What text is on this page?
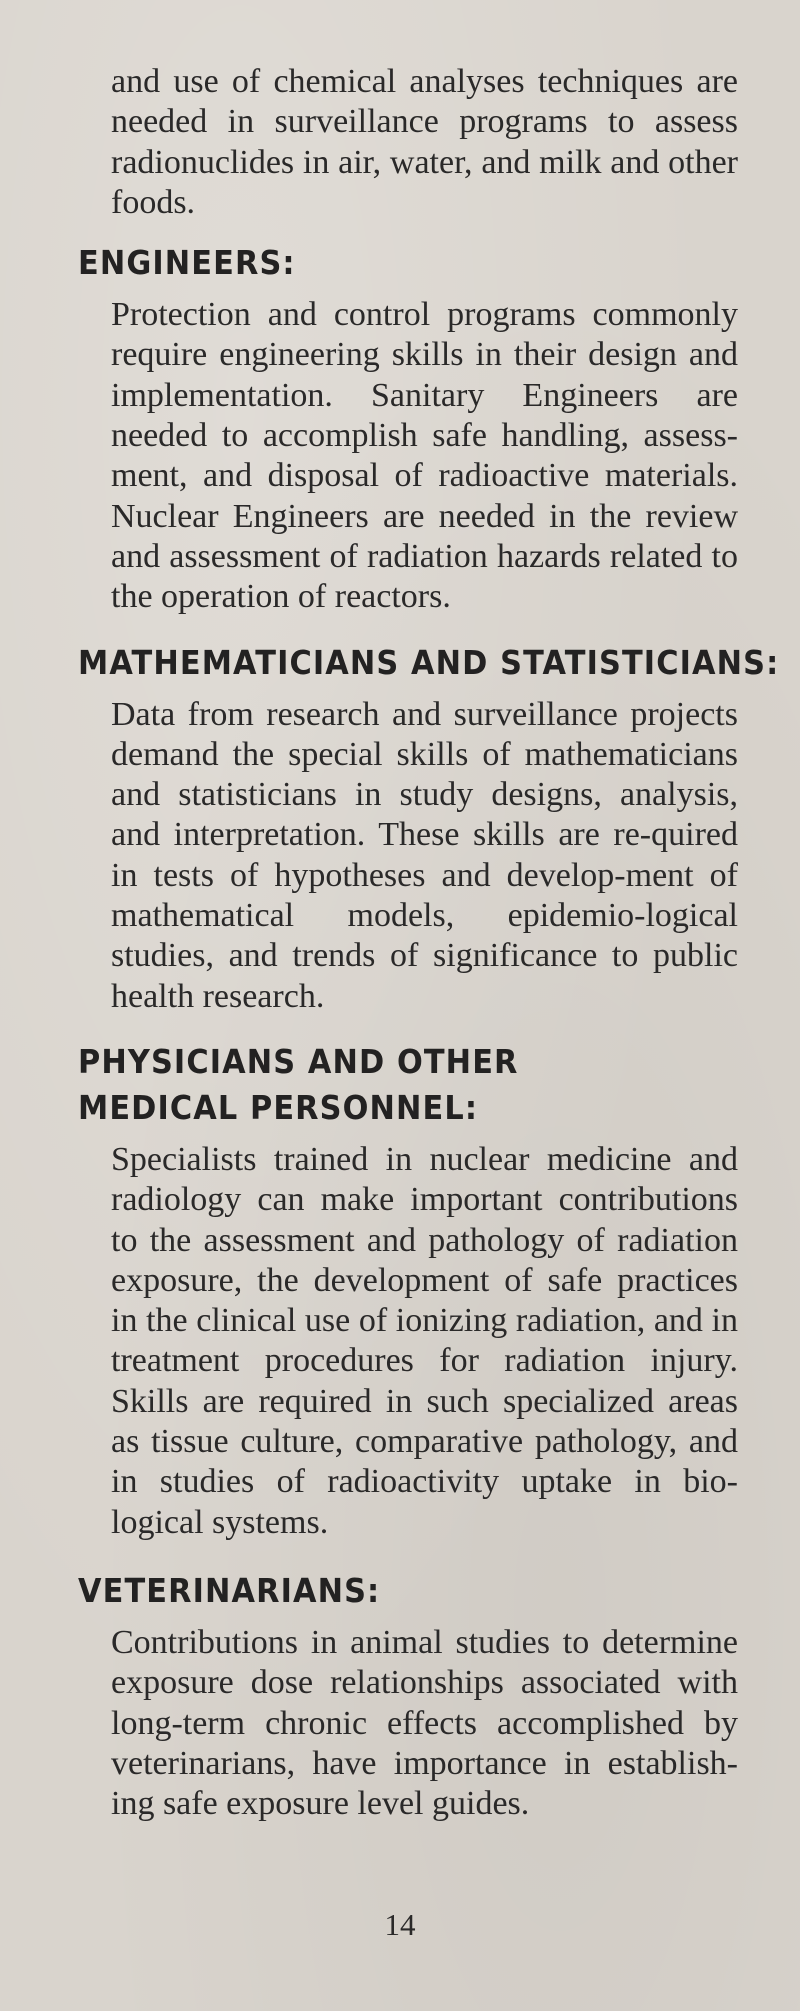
and use of chemical analyses techniques are needed in surveillance programs to assess radionuclides in air, water, and milk and other foods.

ENGINEERS:

Protection and control programs commonly require engineering skills in their design and implementation. Sanitary Engineers are needed to accomplish safe handling, assess-ment, and disposal of radioactive materials. Nuclear Engineers are needed in the review and assessment of radiation hazards related to the operation of reactors.

MATHEMATICIANS AND STATISTICIANS:

Data from research and surveillance projects demand the special skills of mathematicians and statisticians in study designs, analysis, and interpretation. These skills are re-quired in tests of hypotheses and develop-ment of mathematical models, epidemio-logical studies, and trends of significance to public health research.

PHYSICIANS AND OTHER
MEDICAL PERSONNEL:

Specialists trained in nuclear medicine and radiology can make important contributions to the assessment and pathology of radiation exposure, the development of safe practices in the clinical use of ionizing radiation, and in treatment procedures for radiation injury. Skills are required in such specialized areas as tissue culture, comparative pathology, and in studies of radioactivity uptake in bio-logical systems.

VETERINARIANS:

Contributions in animal studies to determine exposure dose relationships associated with long-term chronic effects accomplished by veterinarians, have importance in establish-ing safe exposure level guides.

14
